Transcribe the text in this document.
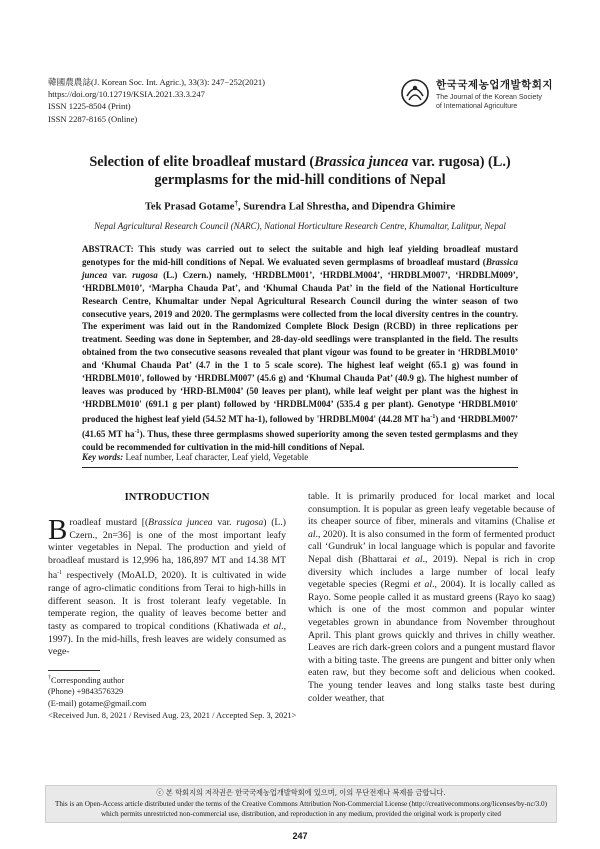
韓國農農誌(J. Korean Soc. Int. Agric.), 33(3): 247−252(2021)
https://doi.org/10.12719/KSIA.2021.33.3.247
ISSN 1225-8504 (Print)
ISSN 2287-8165 (Online)
한국국제농업개발학회지
The Journal of the Korean Society
of International Agriculture
Selection of elite broadleaf mustard (Brassica juncea var. rugosa) (L.)
germplasms for the mid-hill conditions of Nepal
Tek Prasad Gotame†, Surendra Lal Shrestha, and Dipendra Ghimire
Nepal Agricultural Research Council (NARC), National Horticulture Research Centre, Khumaltar, Lalitpur, Nepal
ABSTRACT: This study was carried out to select the suitable and high leaf yielding broadleaf mustard genotypes for the mid-hill conditions of Nepal. We evaluated seven germplasms of broadleaf mustard (Brassica juncea var. rugosa (L.) Czern.) namely, ‘HRDBLM001’, ‘HRDBLM004’, ‘HRDBLM007’, ‘HRDBLM009’, ‘HRDBLM010’, ‘Marpha Chauda Pat’, and ‘Khumal Chauda Pat’ in the field of the National Horticulture Research Centre, Khumaltar under Nepal Agricultural Research Council during the winter season of two consecutive years, 2019 and 2020. The germplasms were collected from the local diversity centres in the country. The experiment was laid out in the Randomized Complete Block Design (RCBD) in three replications per treatment. Seeding was done in September, and 28-day-old seedlings were transplanted in the field. The results obtained from the two consecutive seasons revealed that plant vigour was found to be greater in ‘HRDBLM010’ and ‘Khumal Chauda Pat’ (4.7 in the 1 to 5 scale score). The highest leaf weight (65.1 g) was found in ‘HRDBLM010', followed by ‘HRDBLM007’ (45.6 g) and ‘Khumal Chauda Pat’ (40.9 g). The highest number of leaves was produced by ‘HRD-BLM004’ (50 leaves per plant), while leaf weight per plant was the highest in ‘HRDBLM010' (691.1 g per plant) followed by ‘HRDBLM004’ (535.4 g per plant). Genotype ‘HRDBLM010' produced the highest leaf yield (54.52 MT ha-1), followed by 'HRDBLM004' (44.28 MT $ha^{-1}$) and ‘HRDBLM007’ (41.65 MT $ha^{-1}$). Thus, these three germplasms showed superiority among the seven tested germplasms and they could be recommended for cultivation in the mid-hill conditions of Nepal.
Key words: Leaf number, Leaf character, Leaf yield, Vegetable
INTRODUCTION
Broadleaf mustard [(Brassica juncea var. rugosa) (L.) Czern., 2n=36] is one of the most important leafy winter vegetables in Nepal. The production and yield of broadleaf mustard is 12,996 ha, 186,897 MT and 14.38 MT $ha^{-1}$ respectively (MoALD, 2020). It is cultivated in wide range of agro-climatic conditions from Terai to high-hills in different season. It is frost tolerant leafy vegetable. In temperate region, the quality of leaves become better and tasty as compared to tropical conditions (Khatiwada et al., 1997). In the mid-hills, fresh leaves are widely consumed as vege-
table. It is primarily produced for local market and local consumption. It is popular as green leafy vegetable because of its cheaper source of fiber, minerals and vitamins (Chalise et al., 2020). It is also consumed in the form of fermented product call ‘Gundruk’ in local language which is popular and favorite Nepal dish (Bhattarai et al., 2019). Nepal is rich in crop diversity which includes a large number of local leafy vegetable species (Regmi et al., 2004). It is locally called as Rayo. Some people called it as mustard greens (Rayo ko saag) which is one of the most common and popular winter vegetables grown in abundance from November throughout April. This plant grows quickly and thrives in chilly weather. Leaves are rich dark-green colors and a pungent mustard flavor with a biting taste. The greens are pungent and bitter only when eaten raw, but they become soft and delicious when cooked. The young tender leaves and long stalks taste best during colder weather, that
†Corresponding author
(Phone) +9843576329
(E-mail) gotame@gmail.com
<Received Jun. 8, 2021 / Revised Aug. 23, 2021 / Accepted Sep. 3, 2021>
ⓒ 본 학회지의 저작권은 한국국제농업개발학회에 있으며, 이의 무단전재나 복제를 금합니다.
This is an Open-Access article distributed under the terms of the Creative Commons Attribution Non-Commercial License (http://creativecommons.org/licenses/by-nc/3.0) which permits unrestricted non-commercial use, distribution, and reproduction in any medium, provided the original work is properly cited
247
